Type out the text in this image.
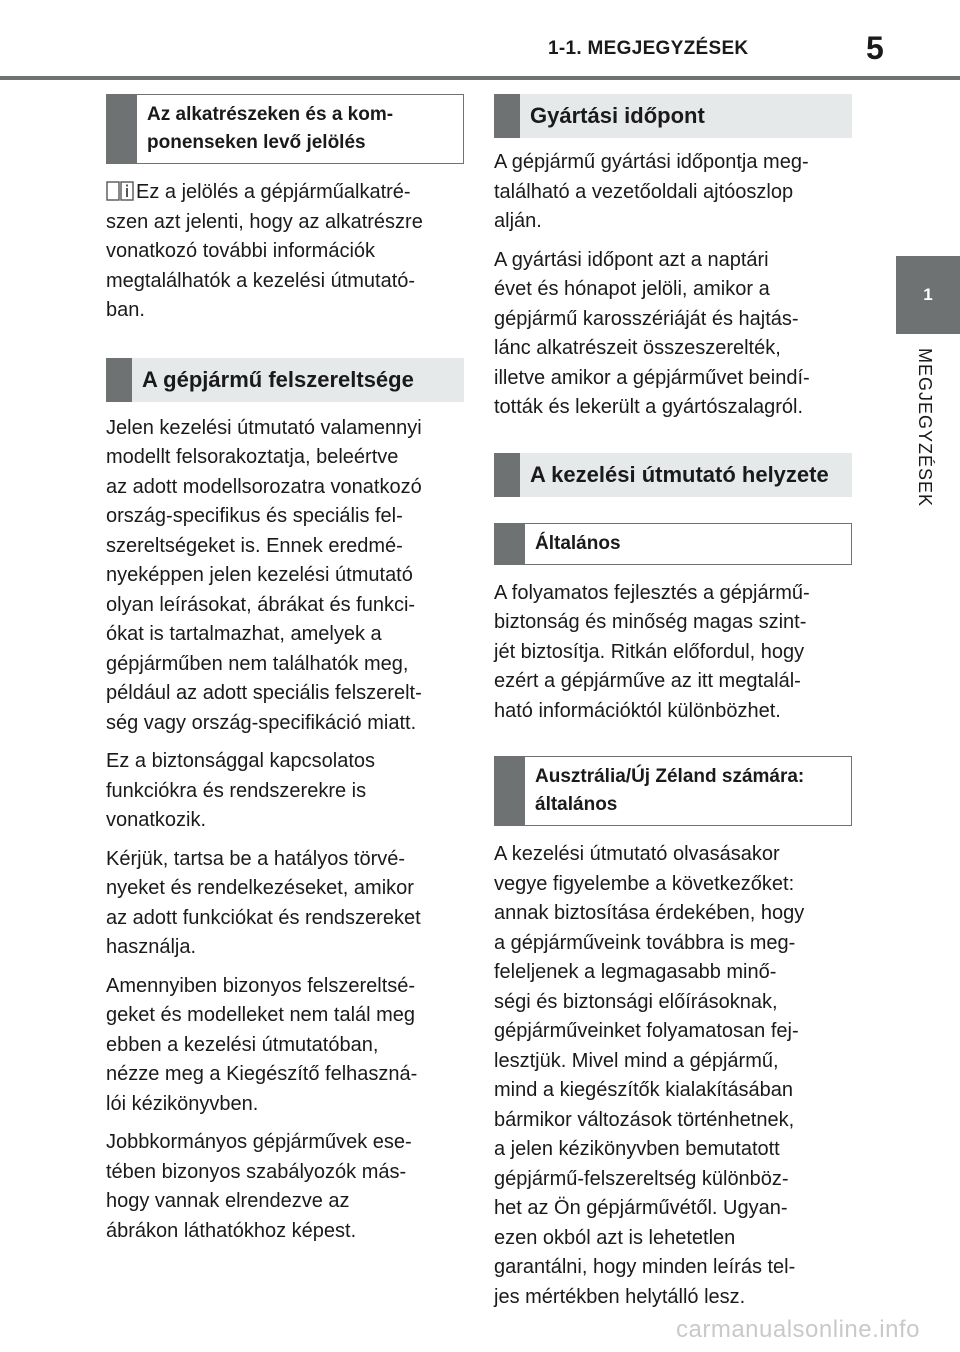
1-1. MEGJEGYZÉSEK	5
1
MEGJEGYZÉSEK
Az alkatrészeken és a kom-
ponenseken levő jelölés

Ez a jelölés a gépjárműalkatré-
szen azt jelenti, hogy az alkatrészre
vonatkozó további információk
megtalálhatók a kezelési útmutató-
ban.

A gépjármű felszereltsége

Jelen kezelési útmutató valamennyi
modellt felsorakoztatja, beleértve
az adott modellsorozatra vonatkozó
ország-specifikus és speciális fel-
szereltségeket is. Ennek eredmé-
nyeképpen jelen kezelési útmutató
olyan leírásokat, ábrákat és funkci-
ókat is tartalmazhat, amelyek a
gépjárműben nem találhatók meg,
például az adott speciális felszerelt-
ség vagy ország-specifikáció miatt.

Ez a biztonsággal kapcsolatos
funkciókra és rendszerekre is
vonatkozik.

Kérjük, tartsa be a hatályos törvé-
nyeket és rendelkezéseket, amikor
az adott funkciókat és rendszereket
használja.

Amennyiben bizonyos felszereltsé-
geket és modelleket nem talál meg
ebben a kezelési útmutatóban,
nézze meg a Kiegészítő felhaszná-
lói kézikönyvben.

Jobbkormányos gépjárművek ese-
tében bizonyos szabályozók más-
hogy vannak elrendezve az
ábrákon láthatókhoz képest.

Gyártási időpont

A gépjármű gyártási időpontja meg-
található a vezetőoldali ajtóoszlop
alján.

A gyártási időpont azt a naptári
évet és hónapot jelöli, amikor a
gépjármű karosszériáját és hajtás-
lánc alkatrészeit összeszerelték,
illetve amikor a gépjárművet beindí-
tották és lekerült a gyártószalagról.

A kezelési útmutató helyzete
Általános

A folyamatos fejlesztés a gépjármű-
biztonság és minőség magas szint-
jét biztosítja. Ritkán előfordul, hogy
ezért a gépjárműve az itt megtalál-
ható információktól különbözhet.

Ausztrália/Új Zéland számára:
általános

A kezelési útmutató olvasásakor
vegye figyelembe a következőket:
annak biztosítása érdekében, hogy
a gépjárműveink továbbra is meg-
feleljenek a legmagasabb minő-
ségi és biztonsági előírásoknak,
gépjárműveinket folyamatosan fej-
lesztjük. Mivel mind a gépjármű,
mind a kiegészítők kialakításában
bármikor változások történhetnek,
a jelen kézikönyvben bemutatott
gépjármű-felszereltség különböz-
het az Ön gépjárművétől. Ugyan-
ezen okból azt is lehetetlen
garantálni, hogy minden leírás tel-
jes mértékben helytálló lesz.

carmanualsonline.info
